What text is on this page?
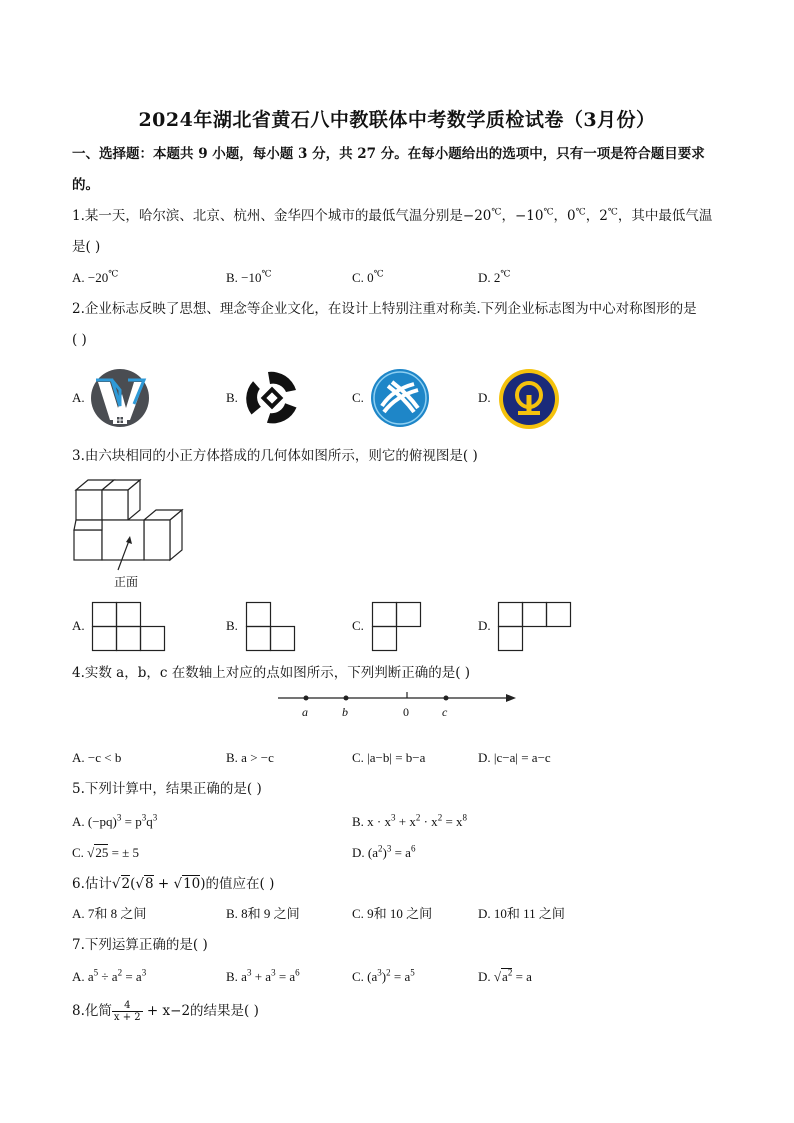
2024年湖北省黄石八中教联体中考数学质检试卷（3月份）
一、选择题：本题共 9 小题，每小题 3 分，共 27 分。在每小题给出的选项中，只有一项是符合题目要求
的。
1.某一天，哈尔滨、北京、杭州、金华四个城市的最低气温分别是−20℃，−10℃，0℃，2℃，其中最低气温
是( )
A. −20℃	B. −10℃	C. 0℃	D. 2℃
2.企业标志反映了思想、理念等企业文化，在设计上特别注重对称美.下列企业标志图为中心对称图形的是
( )
A.	B.	C.	D.
3.由六块相同的小正方体搭成的几何体如图所示，则它的俯视图是( )
正面
A.	B.	C.	D.
4.实数 a，b，c 在数轴上对应的点如图所示，下列判断正确的是( )
a	b	0	c
A. −c < b	B. a > −c	C. |a−b| = b−a	D. |c−a| = a−c
5.下列计算中，结果正确的是( )
A. $(-pq)^3 = p^3q^3$	B. $x \cdot x^3 + x^2 \cdot x^2 = x^8$
C. √25 = ± 5	D. $(a^2)^3 = a^6$
6.估计√2(√8 + √10)的值应在( )
A. 7和 8 之间	B. 8和 9 之间	C. 9和 10 之间	D. 10和 11 之间
7.下列运算正确的是( )
A. $a^5 \div a^2 = a^3$	B. $a^3 + a^3 = a^6$	C. $(a^3)^2 = a^5$	D. $√a^2 = a$
8.化简 $\frac{4}{x + 2} + x-2$的结果是( )
